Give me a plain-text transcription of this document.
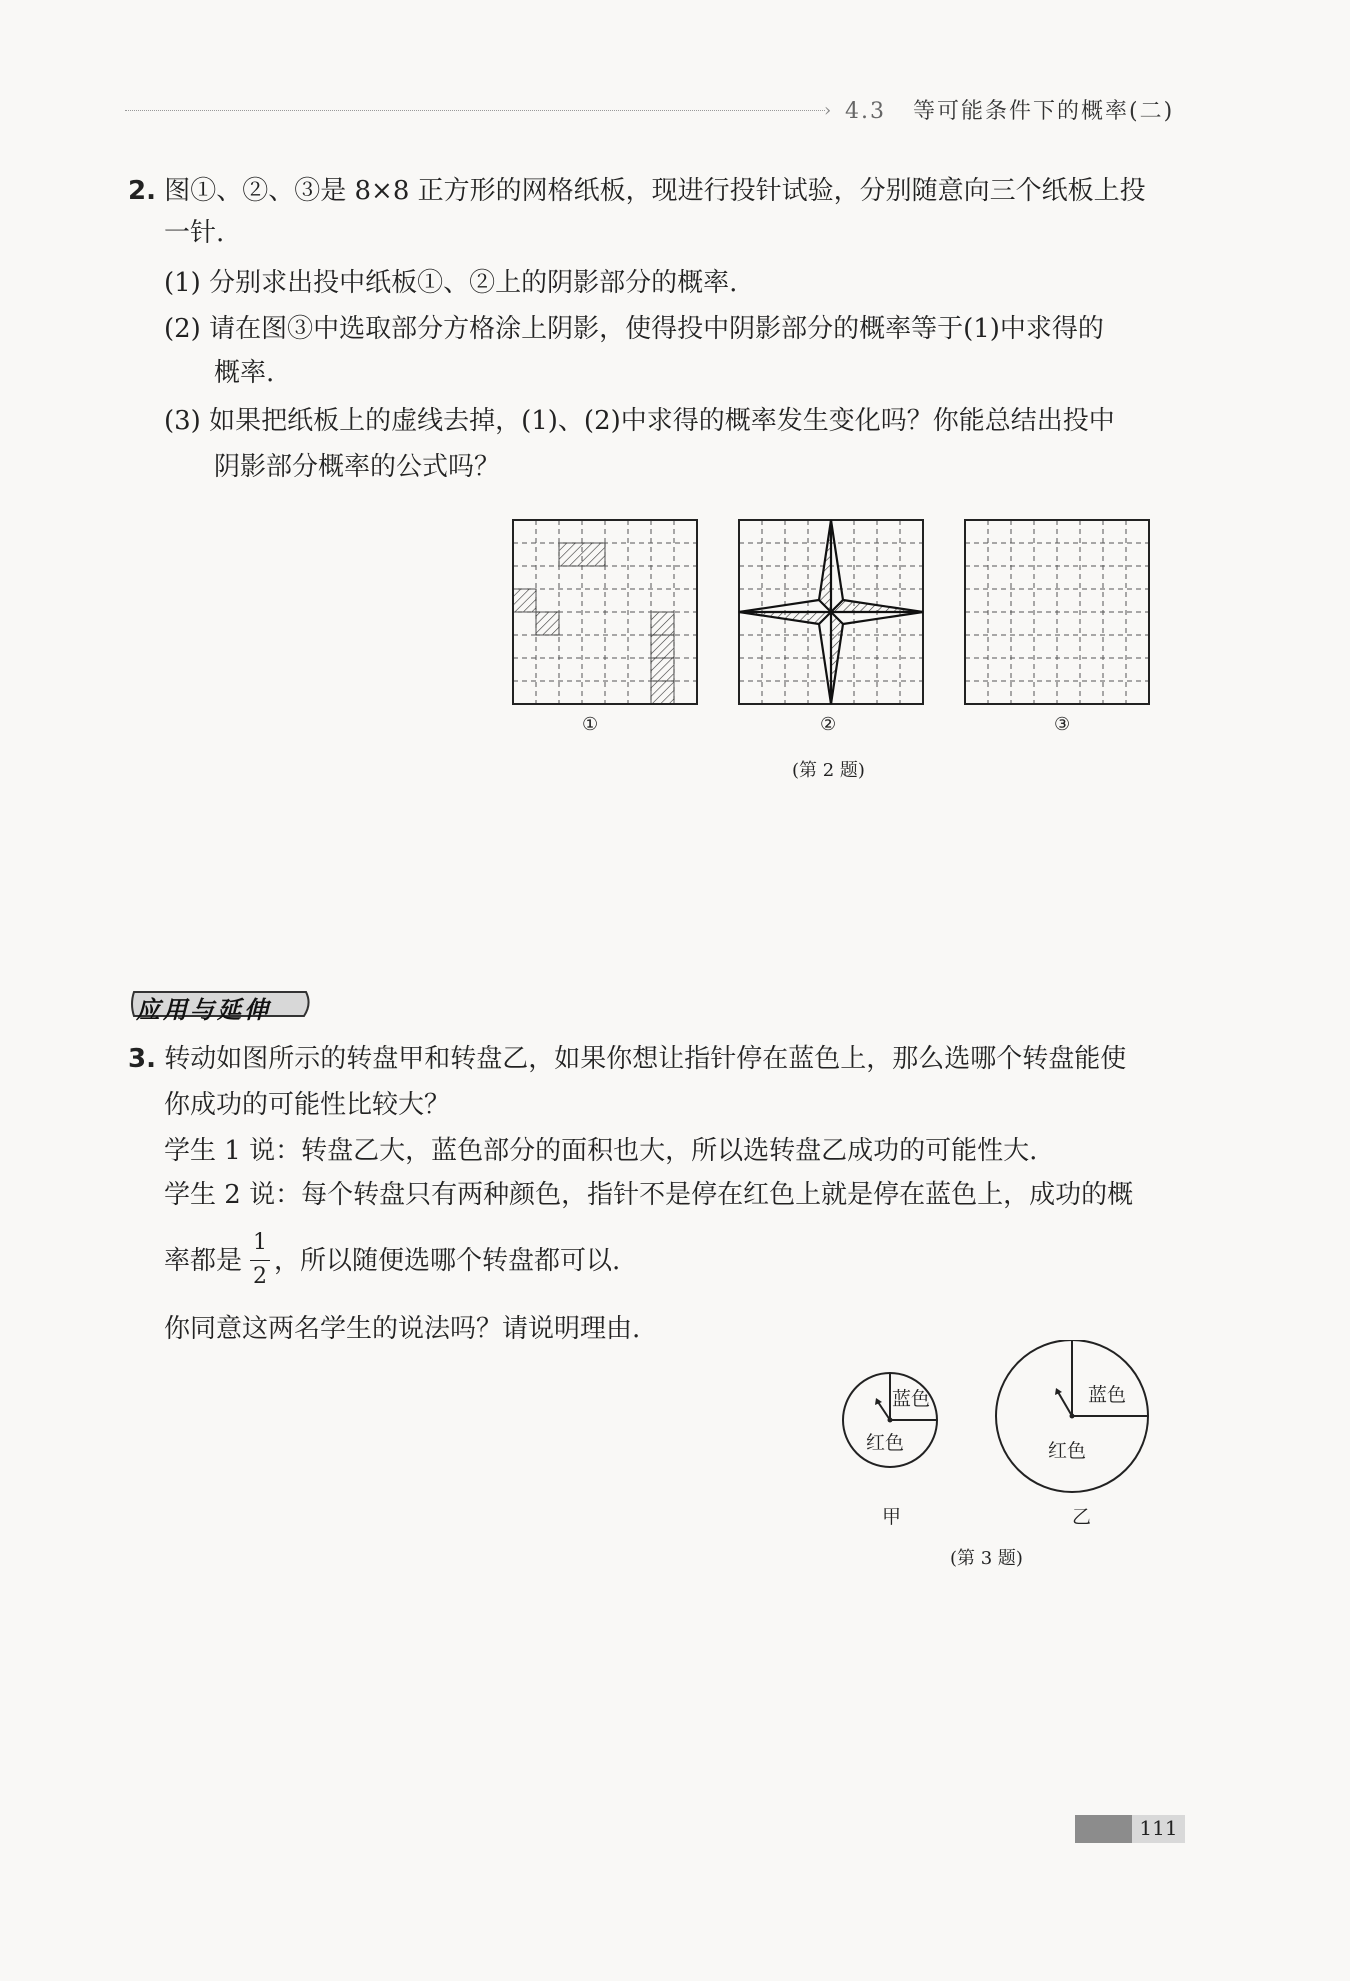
› 4.3 等可能条件下的概率(二)
2. 图①、②、③是 8×8 正方形的网格纸板，现进行投针试验，分别随意向三个纸板上投
一针.
(1) 分别求出投中纸板①、②上的阴影部分的概率.
(2) 请在图③中选取部分方格涂上阴影，使得投中阴影部分的概率等于(1)中求得的
概率.
(3) 如果把纸板上的虚线去掉，(1)、(2)中求得的概率发生变化吗？你能总结出投中
阴影部分概率的公式吗？
①	②	③
(第 2 题)
应用与延伸
3. 转动如图所示的转盘甲和转盘乙，如果你想让指针停在蓝色上，那么选哪个转盘能使
你成功的可能性比较大？
学生 1 说：转盘乙大，蓝色部分的面积也大，所以选转盘乙成功的可能性大.
学生 2 说：每个转盘只有两种颜色，指针不是停在红色上就是停在蓝色上，成功的概
率都是
1
2
，所以随便选哪个转盘都可以.
你同意这两名学生的说法吗？请说明理由.
蓝色
红色
蓝色
红色
甲	乙
(第 3 题)
111
